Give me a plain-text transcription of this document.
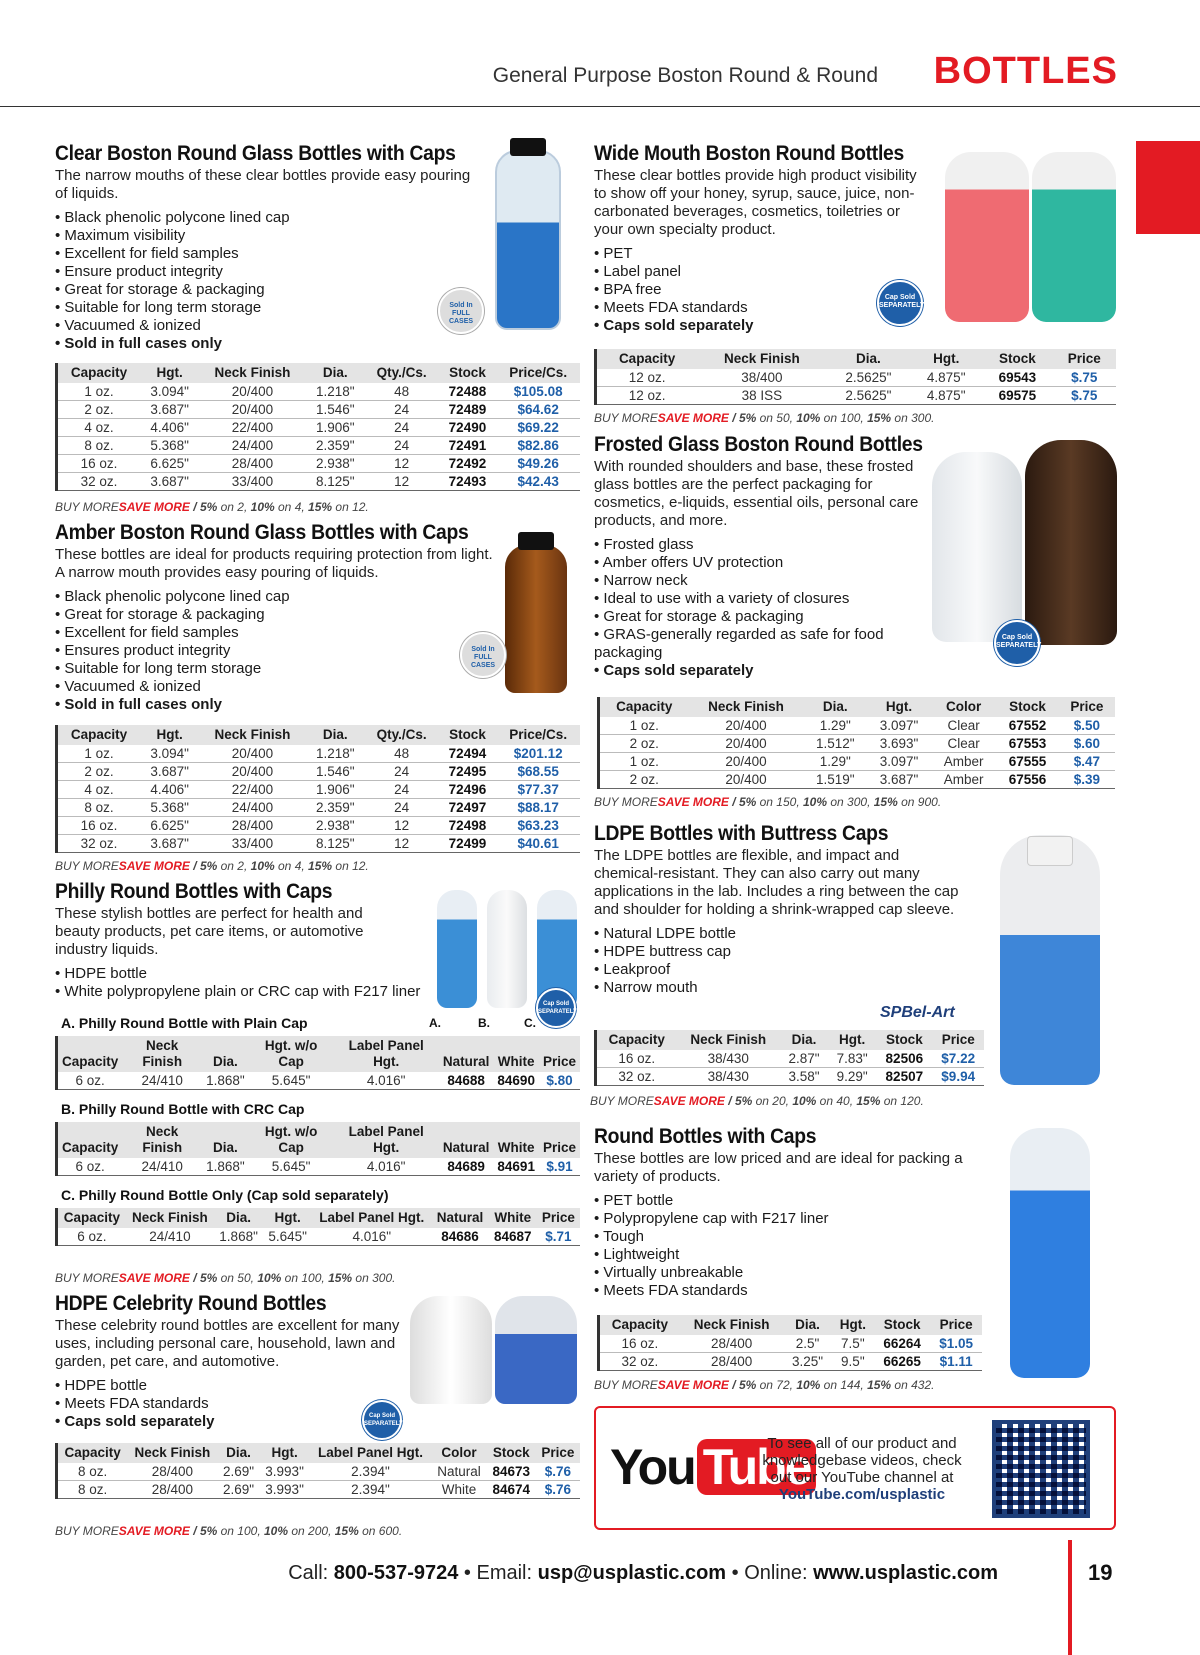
General Purpose Boston Round & Round BOTTLES
Clear Boston Round Glass Bottles with Caps
The narrow mouths of these clear bottles provide easy pouring of liquids.
• Black phenolic polycone lined cap
• Maximum visibility
• Excellent for field samples
• Ensure product integrity
• Great for storage & packaging
• Suitable for long term storage
• Vacuumed & ionized
• Sold in full cases only
Sold In FULL CASES
Capacity	Hgt.	Neck Finish	Dia.	Qty./Cs.	Stock	Price/Cs.
1 oz.	3.094"	20/400	1.218"	48	72488	$105.08
2 oz.	3.687"	20/400	1.546"	24	72489	$64.62
4 oz.	4.406"	22/400	1.906"	24	72490	$69.22
8 oz.	5.368"	24/400	2.359"	24	72491	$82.86
16 oz.	6.625"	28/400	2.938"	12	72492	$49.26
32 oz.	3.687"	33/400	8.125"	12	72493	$42.43
BUY MORESAVE MORE / 5% on 2, 10% on 4, 15% on 12.
Amber Boston Round Glass Bottles with Caps
These bottles are ideal for products requiring protection from light. A narrow mouth provides easy pouring of liquids.
• Black phenolic polycone lined cap
• Great for storage & packaging
• Excellent for field samples
• Ensures product integrity
• Suitable for long term storage
• Vacuumed & ionized
• Sold in full cases only
Sold In FULL CASES
Capacity	Hgt.	Neck Finish	Dia.	Qty./Cs.	Stock	Price/Cs.
1 oz.	3.094"	20/400	1.218"	48	72494	$201.12
2 oz.	3.687"	20/400	1.546"	24	72495	$68.55
4 oz.	4.406"	22/400	1.906"	24	72496	$77.37
8 oz.	5.368"	24/400	2.359"	24	72497	$88.17
16 oz.	6.625"	28/400	2.938"	12	72498	$63.23
32 oz.	3.687"	33/400	8.125"	12	72499	$40.61
BUY MORESAVE MORE / 5% on 2, 10% on 4, 15% on 12.
Philly Round Bottles with Caps
These stylish bottles are perfect for health and beauty products, pet care items, or automotive industry liquids.
• HDPE bottle
• White polypropylene plain or CRC cap with F217 liner
A.	B.	C.
Cap Sold SEPARATELY
A. Philly Round Bottle with Plain Cap
Capacity	Neck Finish	Dia.	Hgt. w/o Cap	Label Panel Hgt.	Natural	White	Price
6 oz.	24/410	1.868"	5.645"	4.016"	84688	84690	$.80
B. Philly Round Bottle with CRC Cap
Capacity	Neck Finish	Dia.	Hgt. w/o Cap	Label Panel Hgt.	Natural	White	Price
6 oz.	24/410	1.868"	5.645"	4.016"	84689	84691	$.91
C. Philly Round Bottle Only (Cap sold separately)
Capacity	Neck Finish	Dia.	Hgt.	Label Panel Hgt.	Natural	White	Price
6 oz.	24/410	1.868"	5.645"	4.016"	84686	84687	$.71
BUY MORESAVE MORE / 5% on 50, 10% on 100, 15% on 300.
HDPE Celebrity Round Bottles
These celebrity round bottles are excellent for many uses, including personal care, household, lawn and garden, pet care, and automotive.
• HDPE bottle
• Meets FDA standards
• Caps sold separately	Cap Sold SEPARATELY
Capacity	Neck Finish	Dia.	Hgt.	Label Panel Hgt.	Color	Stock	Price
8 oz.	28/400	2.69"	3.993"	2.394"	Natural	84673	$.76
8 oz.	28/400	2.69"	3.993"	2.394"	White	84674	$.76
BUY MORESAVE MORE / 5% on 100, 10% on 200, 15% on 600.
Wide Mouth Boston Round Bottles
These clear bottles provide high product visibility to show off your honey, syrup, sauce, juice, non-carbonated beverages, cosmetics, toiletries or your own specialty product.
• PET
• Label panel
• BPA free
• Meets FDA standards
• Caps sold separately
Cap Sold SEPARATELY
Capacity	Neck Finish	Dia.	Hgt.	Stock	Price
12 oz.	38/400	2.5625"	4.875"	69543	$.75
12 oz.	38 ISS	2.5625"	4.875"	69575	$.75
BUY MORESAVE MORE / 5% on 50, 10% on 100, 15% on 300.
Frosted Glass Boston Round Bottles
With rounded shoulders and base, these frosted glass bottles are the perfect packaging for cosmetics, e-liquids, essential oils, personal care products, and more.
• Frosted glass
• Amber offers UV protection
• Narrow neck
• Ideal to use with a variety of closures
• Great for storage & packaging
• GRAS-generally regarded as safe for food packaging
• Caps sold separately
Cap Sold SEPARATELY
Capacity	Neck Finish	Dia.	Hgt.	Color	Stock	Price
1 oz.	20/400	1.29"	3.097"	Clear	67552	$.50
2 oz.	20/400	1.512"	3.693"	Clear	67553	$.60
1 oz.	20/400	1.29"	3.097"	Amber	67555	$.47
2 oz.	20/400	1.519"	3.687"	Amber	67556	$.39
BUY MORESAVE MORE / 5% on 150, 10% on 300, 15% on 900.
LDPE Bottles with Buttress Caps
The LDPE bottles are flexible, and impact and chemical-resistant. They can also carry out many applications in the lab. Includes a ring between the cap and shoulder for holding a shrink-wrapped cap sleeve.
• Natural LDPE bottle
• HDPE buttress cap
• Leakproof
• Narrow mouth
SPBel-Art
Capacity	Neck Finish	Dia.	Hgt.	Stock	Price
16 oz.	38/430	2.87"	7.83"	82506	$7.22
32 oz.	38/430	3.58"	9.29"	82507	$9.94
BUY MORESAVE MORE / 5% on 20, 10% on 40, 15% on 120.
Round Bottles with Caps
These bottles are low priced and are ideal for packing a variety of products.
• PET bottle
• Polypropylene cap with F217 liner
• Tough
• Lightweight
• Virtually unbreakable
• Meets FDA standards
Capacity	Neck Finish	Dia.	Hgt.	Stock	Price
16 oz.	28/400	2.5"	7.5"	66264	$1.05
32 oz.	28/400	3.25"	9.5"	66265	$1.11
BUY MORESAVE MORE / 5% on 72, 10% on 144, 15% on 432.
You Tube
To see all of our product and knowledgebase videos, check out our YouTube channel at
YouTube.com/usplastic
Call: 800-537-9724 • Email: usp@usplastic.com • Online: www.usplastic.com	19
